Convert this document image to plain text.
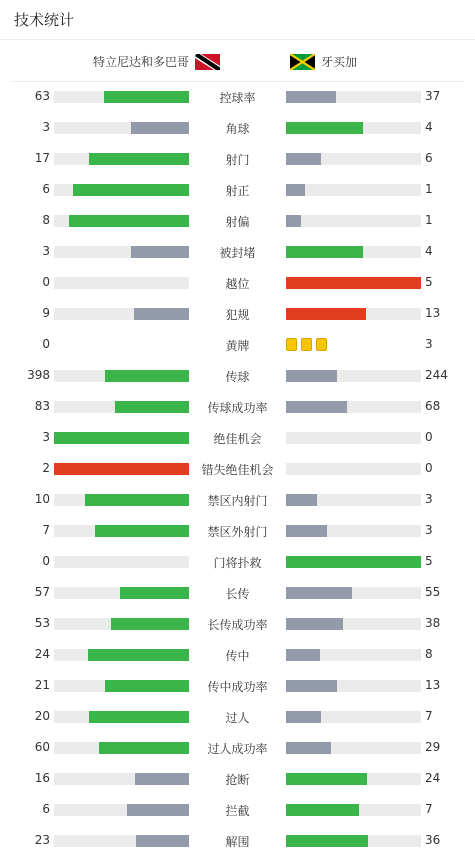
技术统计
特立尼达和多巴哥	牙买加
63	控球率	37
3	角球	4
17	射门	6
6	射正	1
8	射偏	1
3	被封堵	4
0	越位	5
9	犯规	13
0	黄牌	3
398	传球	244
83	传球成功率	68
3	绝佳机会	0
2	错失绝佳机会	0
10	禁区内射门	3
7	禁区外射门	3
0	门将扑救	5
57	长传	55
53	长传成功率	38
24	传中	8
21	传中成功率	13
20	过人	7
60	过人成功率	29
16	抢断	24
6	拦截	7
23	解围	36
